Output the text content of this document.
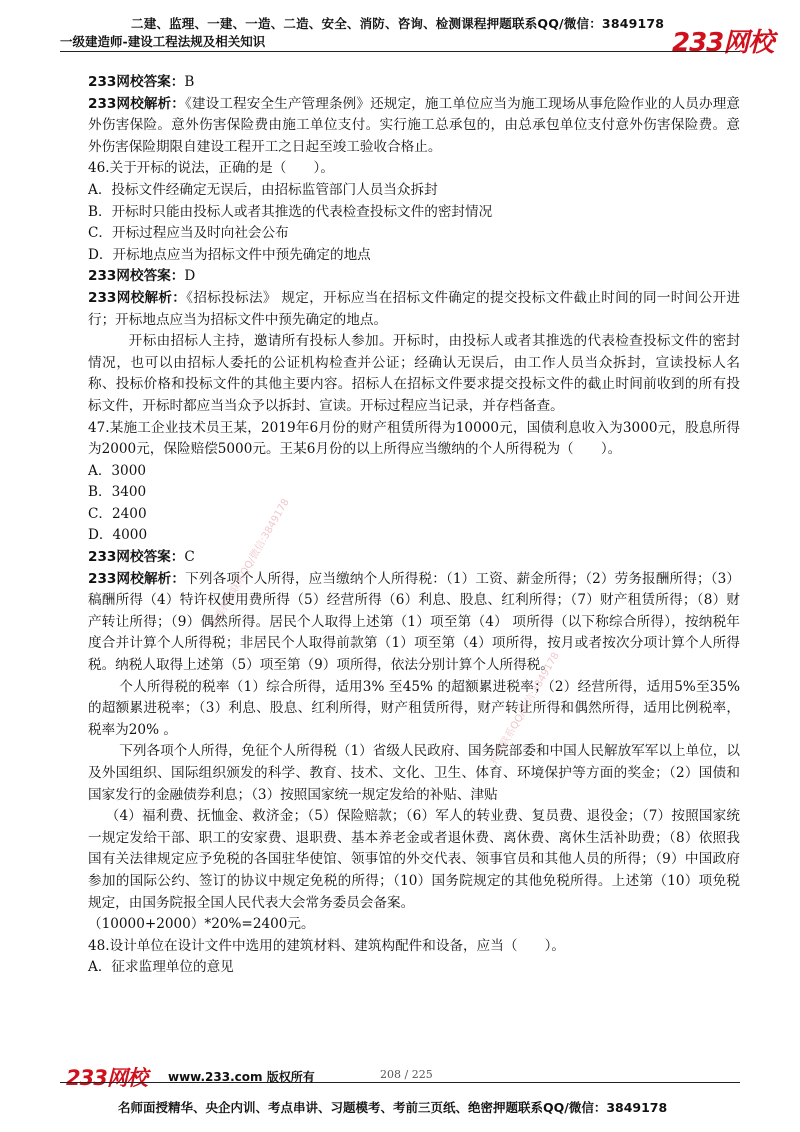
二建、监理、一建、一造、二造、安全、消防、咨询、检测课程押题联系QQ/微信：3849178
一级建造师-建设工程法规及相关知识	233网校
精准押题联系QQ/微信:3849178
押题联系QQ/微信:3849178

233网校答案：B

233网校解析：《建设工程安全生产管理条例》还规定，施工单位应当为施工现场从事危险作业的人员办理意外伤害保险。意外伤害保险费由施工单位支付。实行施工总承包的，由总承包单位支付意外伤害保险费。意外伤害保险期限自建设工程开工之日起至竣工验收合格止。

46.关于开标的说法，正确的是（　　）。

A．投标文件经确定无误后，由招标监管部门人员当众拆封

B．开标时只能由投标人或者其推选的代表检查投标文件的密封情况

C．开标过程应当及时向社会公布

D．开标地点应当为招标文件中预先确定的地点

233网校答案：D

233网校解析：《招标投标法》 规定，开标应当在招标文件确定的提交投标文件截止时间的同一时间公开进行；开标地点应当为招标文件中预先确定的地点。

开标由招标人主持，邀请所有投标人参加。开标时，由投标人或者其推选的代表检查投标文件的密封情况，也可以由招标人委托的公证机构检查并公证；经确认无误后，由工作人员当众拆封，宣读投标人名称、投标价格和投标文件的其他主要内容。招标人在招标文件要求提交投标文件的截止时间前收到的所有投标文件，开标时都应当当众予以拆封、宣读。开标过程应当记录，并存档备查。

47.某施工企业技术员王某，2019年6月份的财产租赁所得为10000元，国债利息收入为3000元，股息所得为2000元，保险赔偿5000元。王某6月份的以上所得应当缴纳的个人所得税为（　　）。

A．3000

B．3400

C．2400

D．4000

233网校答案：C

233网校解析：下列各项个人所得，应当缴纳个人所得税：（1）工资、薪金所得；（2）劳务报酬所得；（3）稿酬所得（4）特许权使用费所得（5）经营所得（6）利息、股息、红利所得；（7）财产租赁所得；（8）财产转让所得；（9）偶然所得。居民个人取得上述第（1）项至第（4） 项所得（以下称综合所得），按纳税年度合并计算个人所得税；非居民个人取得前款第（1）项至第（4）项所得，按月或者按次分项计算个人所得税。纳税人取得上述第（5）项至第（9）项所得，依法分别计算个人所得税。

个人所得税的税率（1）综合所得，适用3% 至45% 的超额累进税率；（2）经营所得，适用5%至35%的超额累进税率；（3）利息、股息、红利所得，财产租赁所得，财产转让所得和偶然所得，适用比例税率，税率为20% 。

下列各项个人所得，免征个人所得税（1）省级人民政府、国务院部委和中国人民解放军军以上单位，以及外国组织、国际组织颁发的科学、教育、技术、文化、卫生、体育、环境保护等方面的奖金；（2）国债和国家发行的金融债券利息；（3）按照国家统一规定发给的补贴、津贴

（4）福利费、抚恤金、救济金；（5）保险赔款；（6）军人的转业费、复员费、退役金；（7）按照国家统一规定发给干部、职工的安家费、退职费、基本养老金或者退休费、离休费、离休生活补助费；（8）依照我国有关法律规定应予免税的各国驻华使馆、领事馆的外交代表、领事官员和其他人员的所得；（9）中国政府参加的国际公约、签订的协议中规定免税的所得；（10）国务院规定的其他免税所得。上述第（10）项免税规定，由国务院报全国人民代表大会常务委员会备案。

（10000+2000）*20%=2400元。

48.设计单位在设计文件中选用的建筑材料、建筑构配件和设备，应当（　　）。

A．征求监理单位的意见

233网校 www.233.com 版权所有	208 / 225
名师面授精华、央企内训、考点串讲、习题模考、考前三页纸、绝密押题联系QQ/微信：3849178
